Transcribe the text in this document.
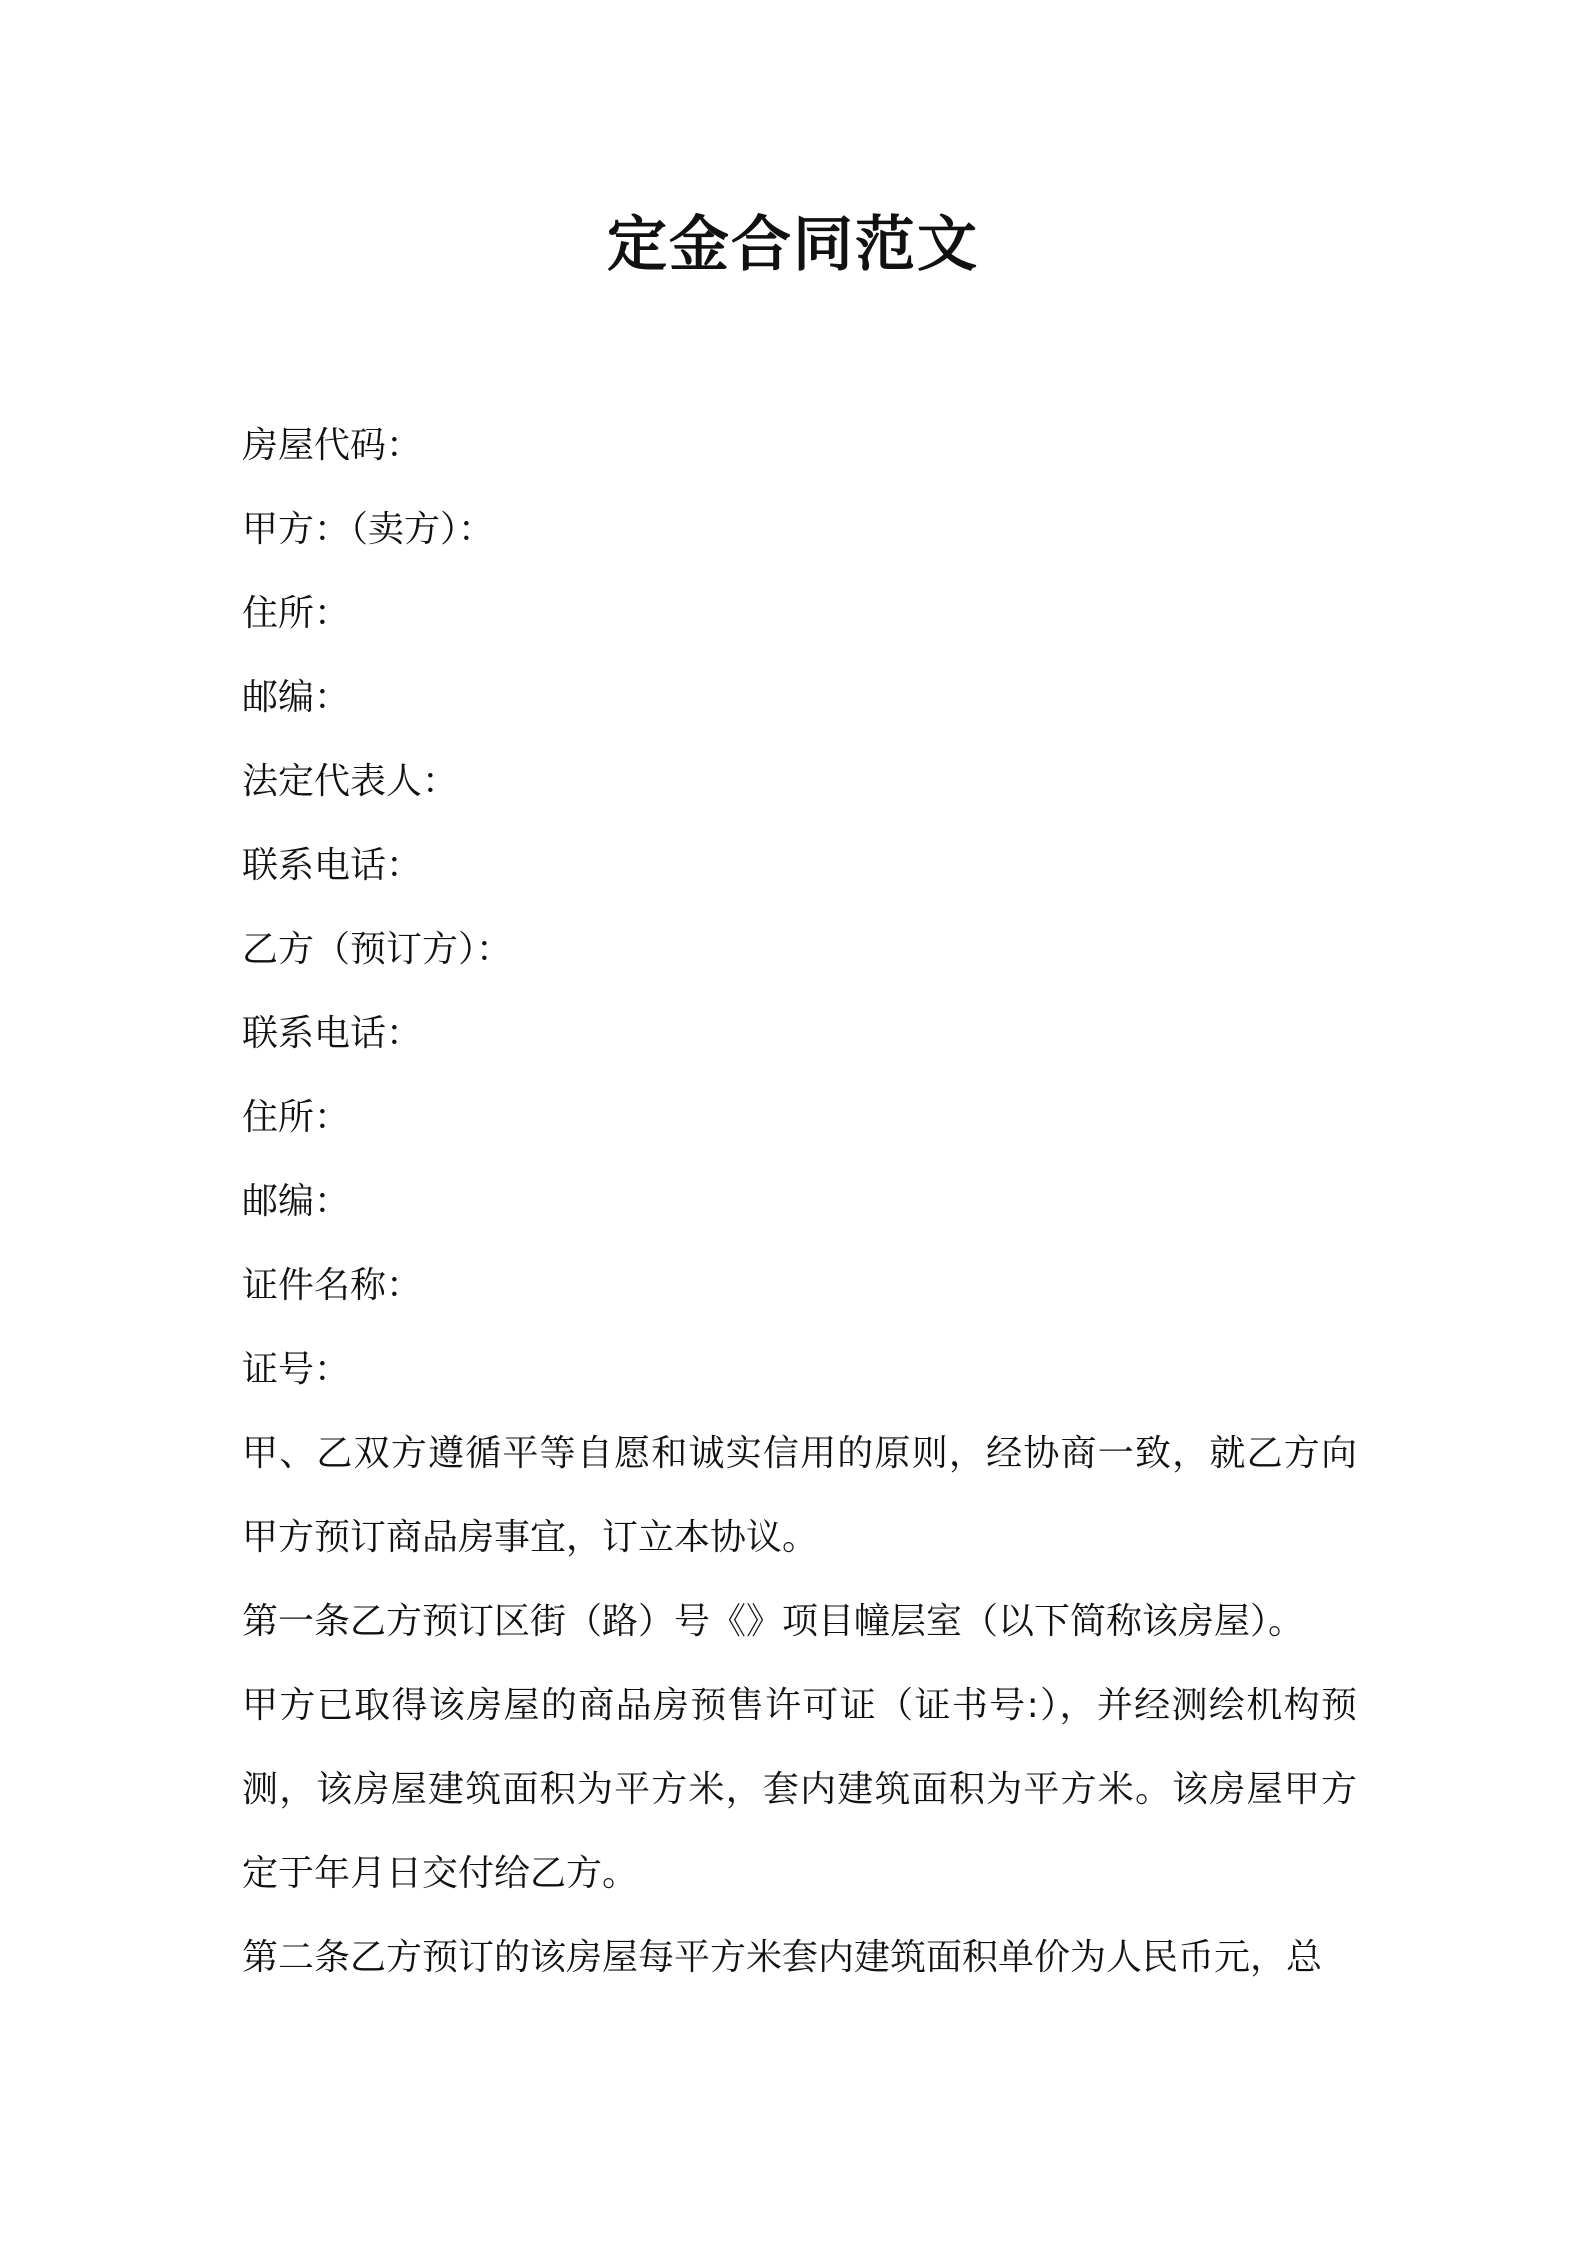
定金合同范文

房屋代码：

甲方：（卖方）：

住所：

邮编：

法定代表人：

联系电话：

乙方（预订方）：

联系电话：

住所：

邮编：

证件名称：

证号：

甲、乙双方遵循平等自愿和诚实信用的原则，经协商一致，就乙方向甲方预订商品房事宜，订立本协议。

第一条乙方预订区街（路）号《》项目幢层室（以下简称该房屋）。

甲方已取得该房屋的商品房预售许可证（证书号:），并经测绘机构预测，该房屋建筑面积为平方米，套内建筑面积为平方米。该房屋甲方定于年月日交付给乙方。

第二条乙方预订的该房屋每平方米套内建筑面积单价为人民币元，总
